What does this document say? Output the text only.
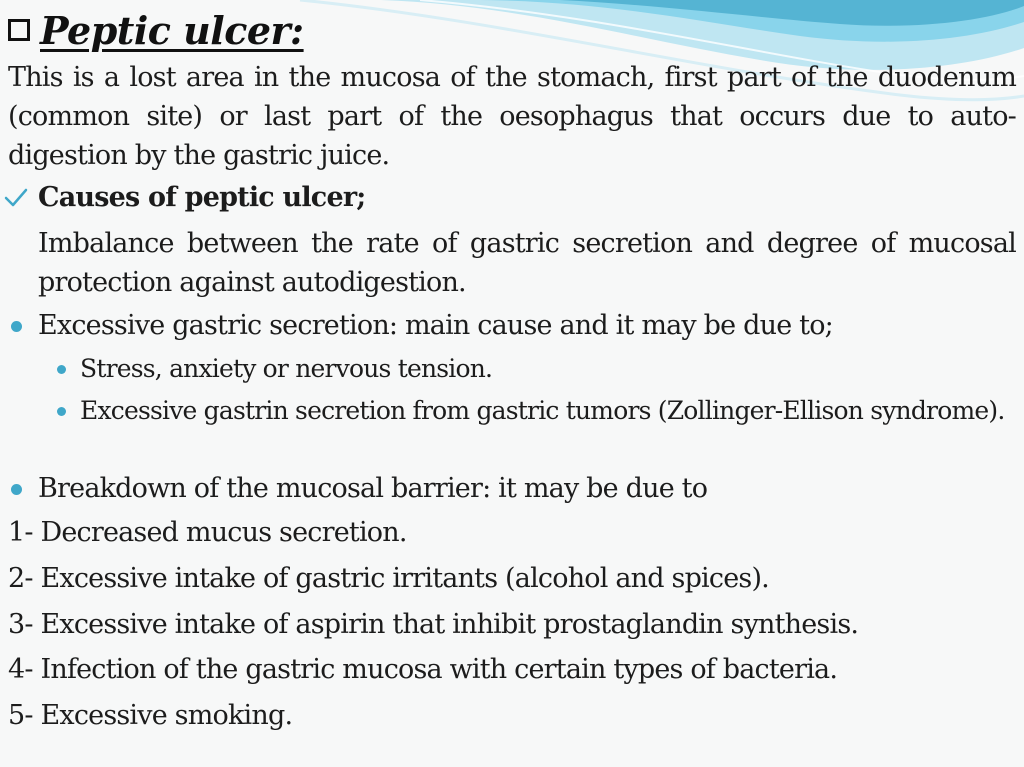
Peptic ulcer:
This is a lost area in the mucosa of the stomach, first part of the duodenum (common site) or last part of the oesophagus that occurs due to auto-digestion by the gastric juice.
Causes of peptic ulcer;
Imbalance between the rate of gastric secretion and degree of mucosal protection against autodigestion.
Excessive gastric secretion: main cause and it may be due to;
Stress, anxiety or nervous tension.
Excessive gastrin secretion from gastric tumors (Zollinger-Ellison syndrome).
Breakdown of the mucosal barrier: it may be due to
1- Decreased mucus secretion.
2- Excessive intake of gastric irritants (alcohol and spices).
3- Excessive intake of aspirin that inhibit prostaglandin synthesis.
4- Infection of the gastric mucosa with certain types of bacteria.
5- Excessive smoking.
